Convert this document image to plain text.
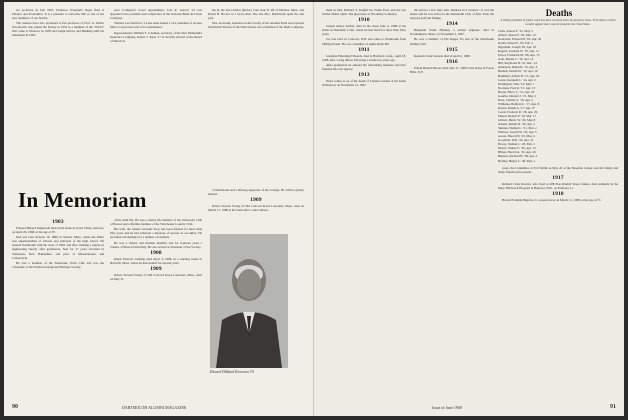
are professor in July 1967, Professor Wiegand's major field is Finance and Economics. It is a pleasure to welcome him as one of the new members of our faculty.

The trustees have also promoted to full professor of Prof. O. Walter Woodworth who joined the faculty in 1952 as a member of the "World" first came to Hanover in 1958 and taught history and Banking until his retirement in 1963.

ance Company's board appointment. Joel R. Alvord '14 was appointed vice president and comptroller of the National Bank and Trust Company.

Thomas Lee Dartforce '14 has been named a vice president of Grouse Motor Corporation and of its subsidiaries.

Representative William T. Coleman, secretary of the New Hampshire Insurance Company, Robert J. Sipes '17 is recently elected of the Board of Directors.

his by the late Charles (Ryder), born June 8, '28 of Windsor, Mass. and David B. Brown as I wrote him. The late Mrs. Dartmouth spent the last year.

Mrs. Kovarsky attended on the faculty of the Alumni Fund and reported that Robert Bowen of the Delta Union was a member of the Shell Company.

In Memoriam
1903

Edward Hebard Kingstrom died in his home in Grass Valley, Arizona, on April 26, 1968, at the age of 87.

Ned was born October 19, 1880, in Vernon, Mass., where his father was superintendent of schools and principal of the high school. He entered Dartmouth with the class of 1903, and after winning a degree in engineering shortly after graduation, Ned for 17 years travelled in Venezuela, New Hampshire, and parts of Massachusetts and Connecticut.

He was a member of the Nanticoke Yacht Club and was the cofounder of the Northwest Regional Heritage Society.

of his adult life. He was a charter life member of the University Club of Boston and a lifetime member of the Winchester Country Club.

His wife, the former Gertrude Troy, has been married for more than fifty years and he had achieved a measure of success as an author. He provided scholarships for a number of students.

He was a charter and lifetime member and for fourteen years a Trustee of Boston University. He also served as Treasurer of the Society.

1908

Ralph Prescott Cushing died April 3, 1968, in a nursing home in Harwich, Mass. where he had resided for several years.

1909

Robert Stewart Prouty of Old Concord Road, Lancaster, Mass., died on May 31.

of Dartmouth and a lifelong supporter of the College. He will be greatly missed.

1909

Robert Stewart Prouty of Old Concord Road, Lancaster, Mass., died on March 17, 1968 at his home after a short illness.

Edward Hibbard Kenerson '03
90	DARTMOUTH ALUMNI MAGAZINE

ment in Mrs. Richard S. Knight' he, Frank Ford, and the late former Walter Quill. The guest here at Woodbury Cemetery.

1910

Joseph Amory Kelsey died in his sleep June 4, 1968 at his home in Deerfield, Conn. where he had lived for more than forty years.

Joe was born in Concord, N.H. and came to Dartmouth from Phillips Exeter. He was a member of Alpha Delta Phi.

1911

Jonathan Etheridge Edwards, died at Hartford, Conn., April 18, 1968, after a long illness following a stroke two years ago.

After graduation he entered the advertising business and later founded his own agency.

1913

Word comes to us of the death of Charles Gordon at his home in Hanover on November 14, 1967.

the service a few days later. Maurice D. Lawrence '11 was the leader and he was active in the Dartmouth Club of New York. He enjoyed golf and fishing.

1914

Benjamin Yorke Elliman, a retired engineer, died in Northampton, Mass. on November 2, 1967.

He was a member of Phi Kappa Psi and of the Dartmouth Outing Club.

1915

Kenneth Clark Stevens died in April 2, 1968.

1916

Edwin Burnell Moore died June 11, 1968 at his home in Forest Hills, N.Y.

Deaths
A listing of deaths of which word has been received since the previous issue. Full notices, which usually appear later, may be found in the Class Notes.
Clark, Ernest E. '01, May 2
Abbott, Ernest F. '02, Mar. 12
Kenerson, Edward H. '03, Apr. 26
Keller, Ernest E. '05, Feb. 2
Ingraham, Joseph '05, Apr. 25
Rogers, Leonard W. '07, Apr. 11
Porter, Frederick M. '08, Apr. 15
Gale, Daniel C. '10, Apr. 12
Hill, Raymond B. '10, Dec. 14
Anderson, Ralph R. '12, Apr. 4
Burnell, Donald E. '12, Apr. 10
Hammett, Arthur H. '13, Apr. 26
Lewis, Kenneth C. '14, Apr. 2
Darlington, Wm. '14, Mar. 7
Norman, Fred R. '15, Apr. 13
Harris, Harry C. '15, Apr. 22
Gourlie, Donald J. '15, May 2
Ross, Charles S. '16, Apr. 2
Williams, Bedford C. '17, Apr. 8
Keator, Ralph A. '17, Apr. 27
Lewis, Frederic R. '18, Apr. 26
Mason, Robert P. '19, Mar. 17
Gilbert, Henry W. '20, May 8
Adams, Robert R. '20, Apr. 2
Skinner, Nathan C. '21, Mar. 2
Wallace, Gerald W. '22, Apr. 5
Aaron, Harold N. '23, May 4
Goodrich, Wm. '24, Apr. 12
Hovey, Nathan L. '28, Mar. 1
Morris, Walter E. '30, Apr. 13
Hillen, Harold A. '32, Apr. 26
Bennett, Richard B. '38, Apr. 2
Hartley, Henry C. '40, May 1

years, the Committee at Fort Smith on May 26 of the Newman Center, and his family and many friends were present.

1917

Richard Clark Rawles, who lived at 408 East Rindall Street, Kaiser, died suddenly in the Mary Hitchcock Hospital in Hanover, N.H., on February 11.

1918

Harold Franklin Bigelow, Jr., passed away on March 11, 1968, at the age of 71.

Issue of June 1968	91
